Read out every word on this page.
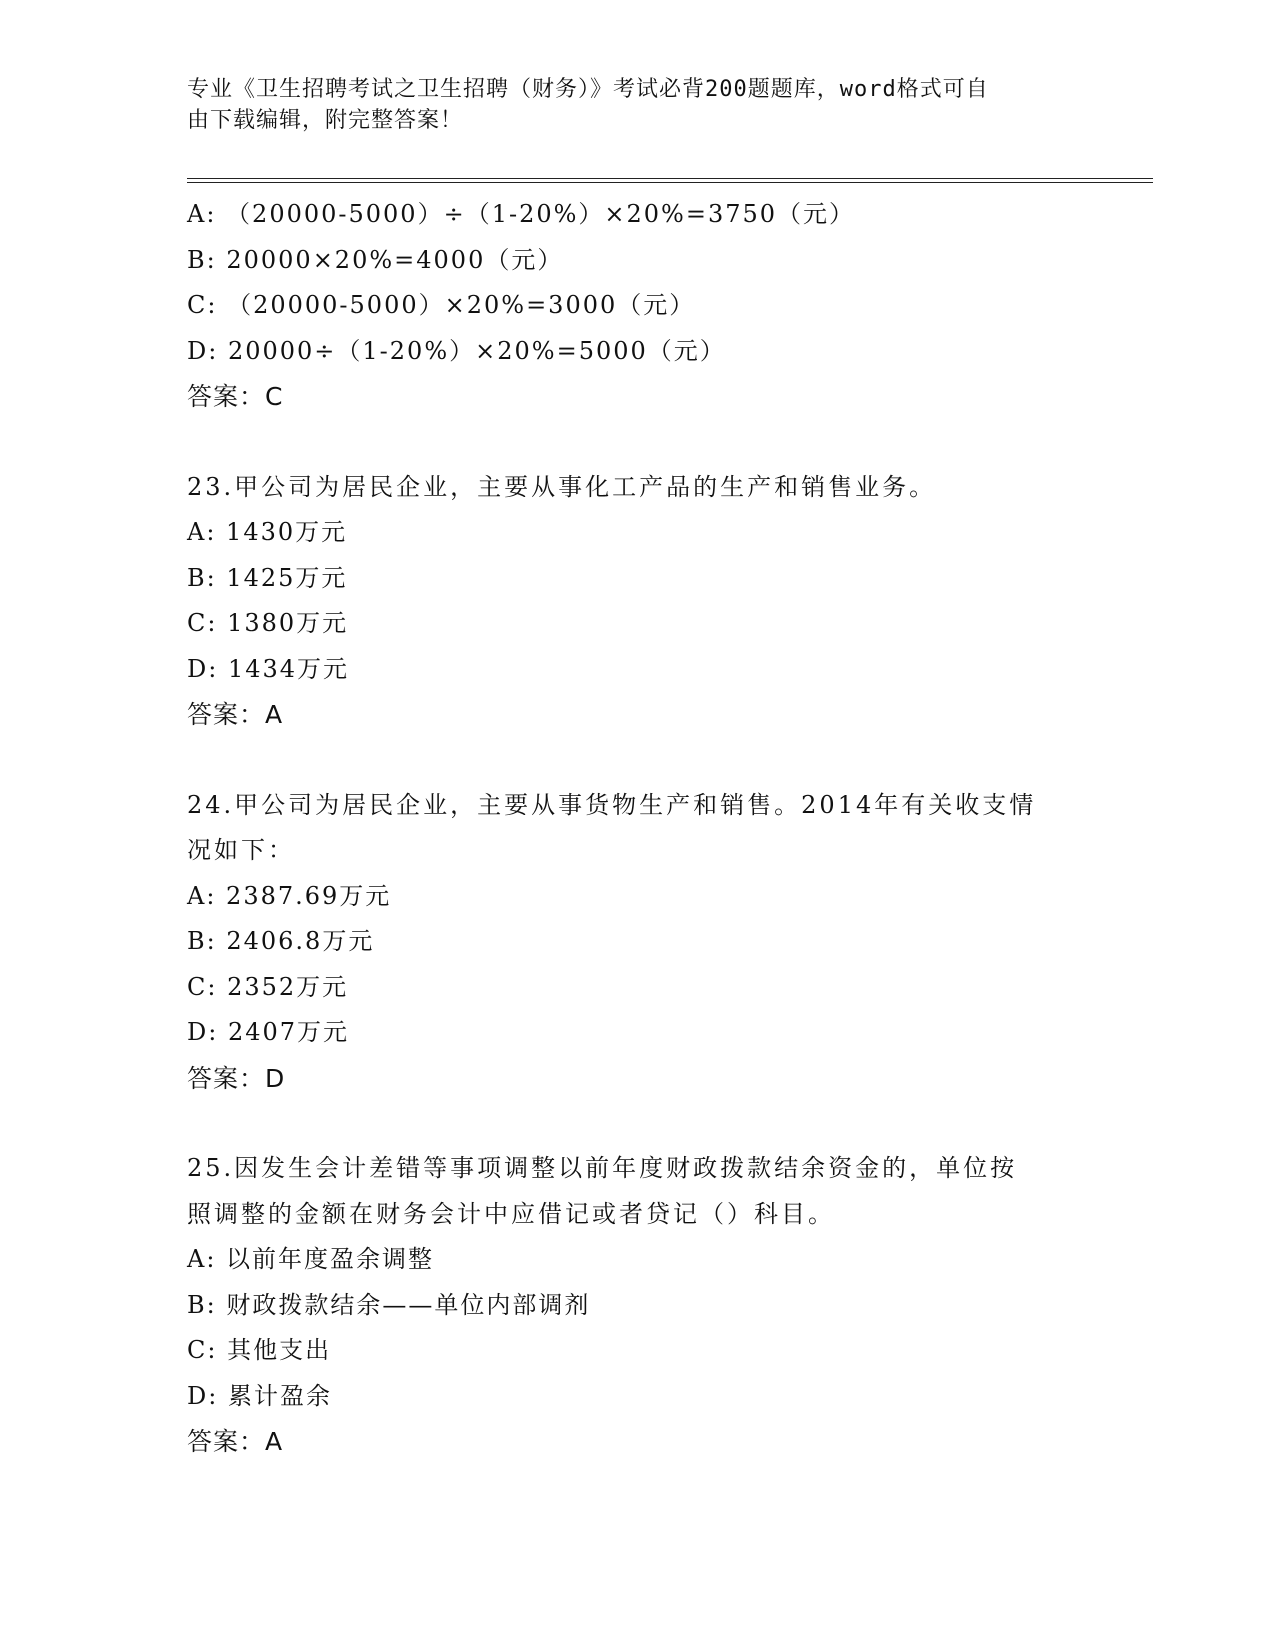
专业《卫生招聘考试之卫生招聘（财务）》考试必背200题题库，word格式可自
由下载编辑，附完整答案！
A: （20000-5000）÷（1-20%）×20%=3750（元）
B: 20000×20%=4000（元）
C: （20000-5000）×20%=3000（元）
D: 20000÷（1-20%）×20%=5000（元）
答案：C
23.甲公司为居民企业，主要从事化工产品的生产和销售业务。
A: 1430万元
B: 1425万元
C: 1380万元
D: 1434万元
答案：A
24.甲公司为居民企业，主要从事货物生产和销售。2014年有关收支情
况如下：
A: 2387.69万元
B: 2406.8万元
C: 2352万元
D: 2407万元
答案：D
25.因发生会计差错等事项调整以前年度财政拨款结余资金的，单位按
照调整的金额在财务会计中应借记或者贷记（）科目。
A: 以前年度盈余调整
B: 财政拨款结余——单位内部调剂
C: 其他支出
D: 累计盈余
答案：A
